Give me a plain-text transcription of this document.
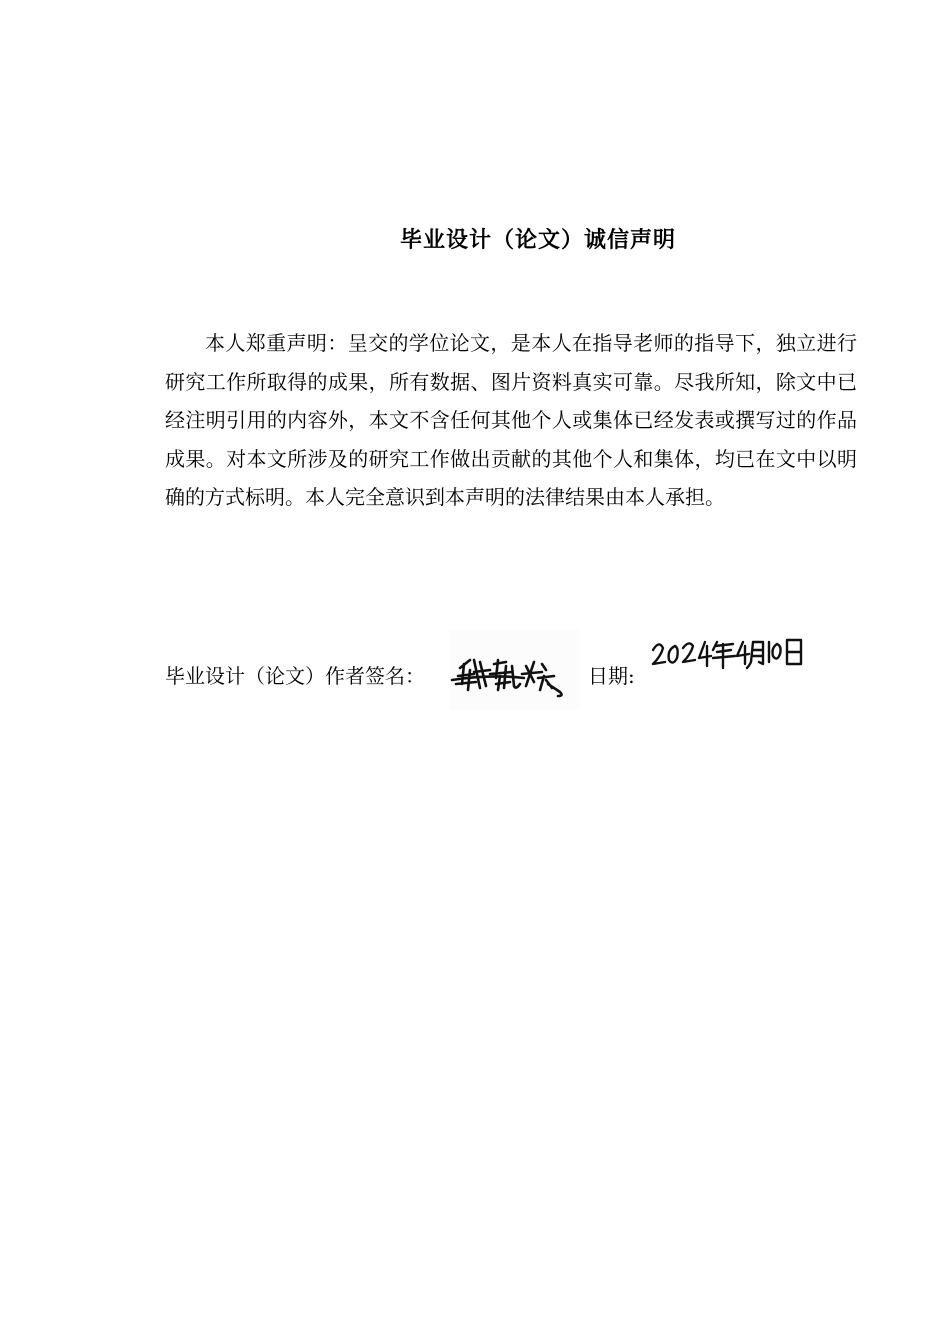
毕业设计（论文）诚信声明

本人郑重声明：呈交的学位论文，是本人在指导老师的指导下，独立进行研究工作所取得的成果，所有数据、图片资料真实可靠。尽我所知，除文中已经注明引用的内容外，本文不含任何其他个人或集体已经发表或撰写过的作品成果。对本文所涉及的研究工作做出贡献的其他个人和集体，均已在文中以明确的方式标明。本人完全意识到本声明的法律结果由本人承担。

毕业设计（论文）作者签名：	日期:
